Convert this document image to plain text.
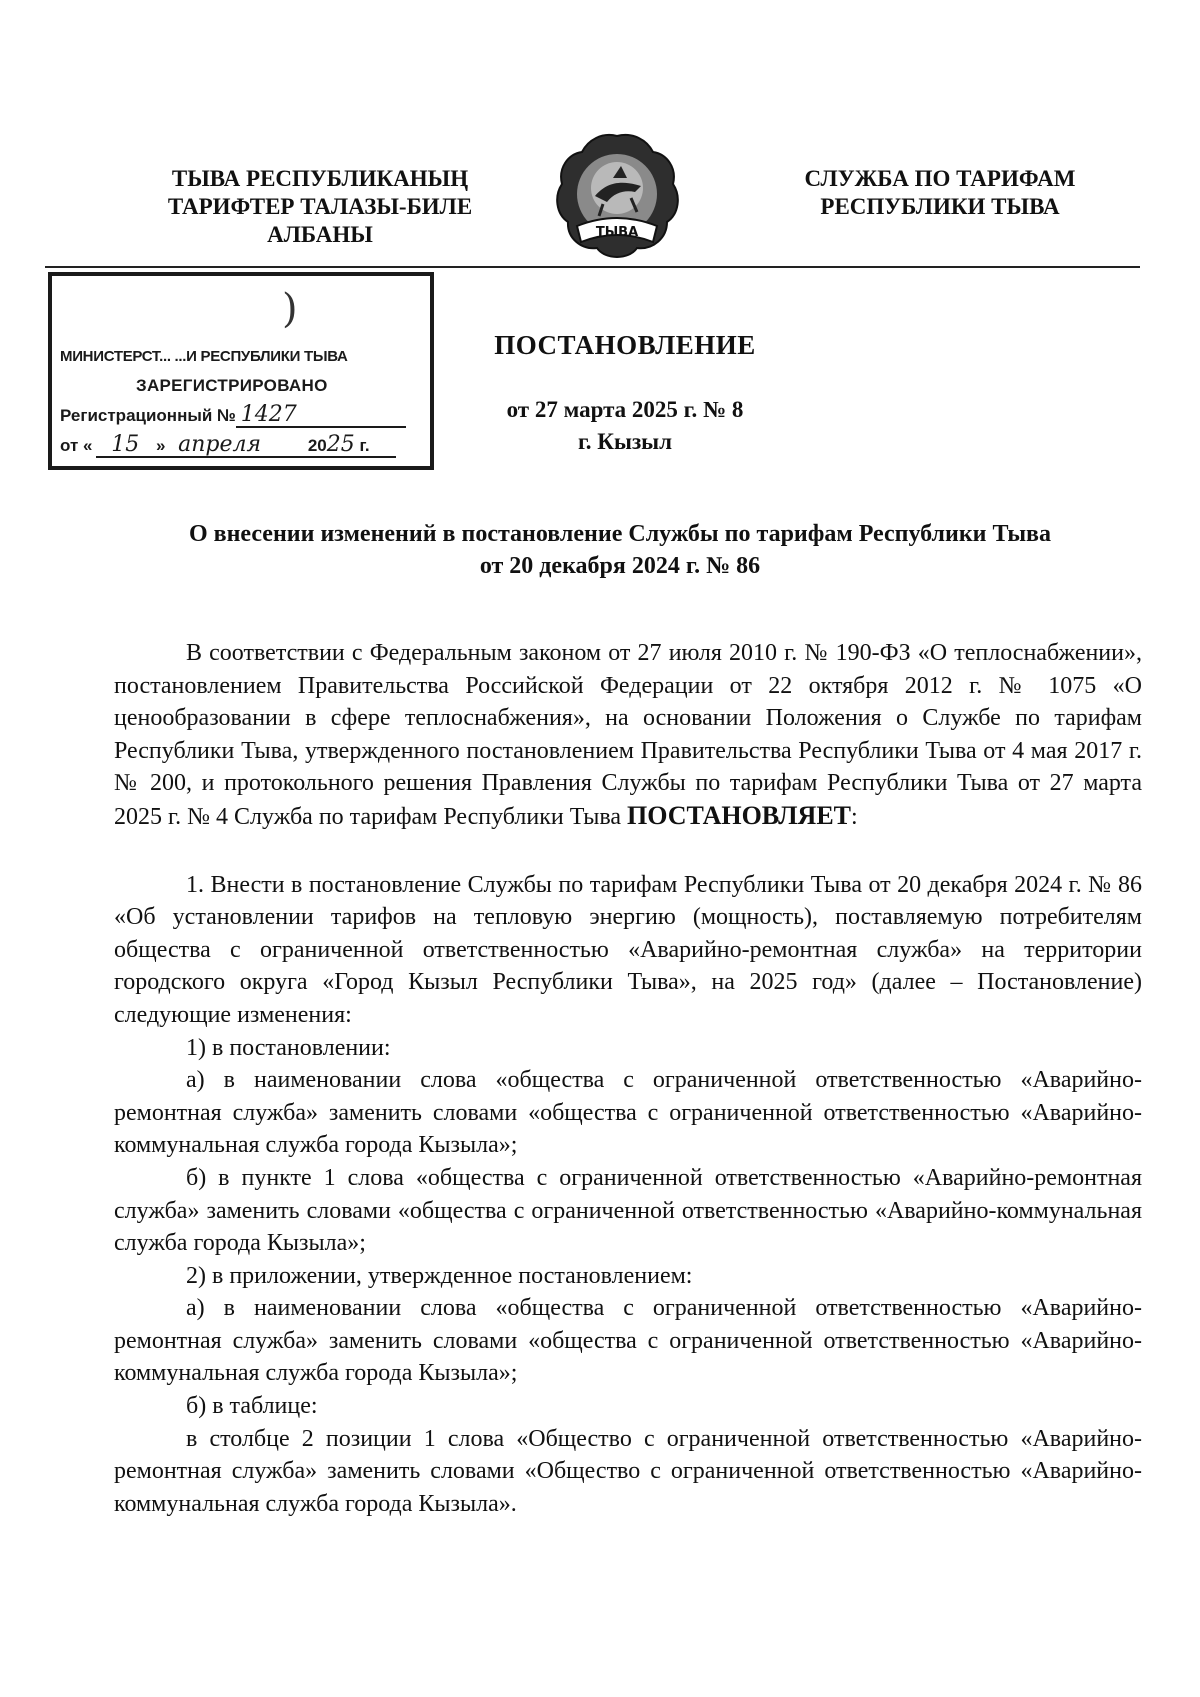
ТЫВА РЕСПУБЛИКАНЫҢ
ТАРИФТЕР ТАЛАЗЫ-БИЛЕ
АЛБАНЫ	ТЫВА
СЛУЖБА ПО ТАРИФАМ
РЕСПУБЛИКИ ТЫВА
)
МИНИСТЕРСТ... ...И РЕСПУБЛИКИ ТЫВА
ЗАРЕГИСТРИРОВАНО
Регистрационный № 1427
от « 15 » апреля	2025 г.
ПОСТАНОВЛЕНИЕ
от 27 марта 2025 г. № 8
г. Кызыл
О внесении изменений в постановление Службы по тарифам Республики Тыва
от 20 декабря 2024 г. № 86

В соответствии с Федеральным законом от 27 июля 2010 г. № 190-ФЗ «О теплоснабжении», постановлением Правительства Российской Федерации от 22 октября 2012 г. № 1075 «О ценообразовании в сфере теплоснабжения», на основании Положения о Службе по тарифам Республики Тыва, утвержденного постановлением Правительства Республики Тыва от 4 мая 2017 г. № 200, и протокольного решения Правления Службы по тарифам Республики Тыва от 27 марта 2025 г. № 4 Служба по тарифам Республики Тыва ПОСТАНОВЛЯЕТ:

1. Внести в постановление Службы по тарифам Республики Тыва от 20 декабря 2024 г. № 86 «Об установлении тарифов на тепловую энергию (мощность), поставляемую потребителям общества с ограниченной ответственностью «Аварийно-ремонтная служба» на территории городского округа «Город Кызыл Республики Тыва», на 2025 год» (далее – Постановление) следующие изменения:

1) в постановлении:

а) в наименовании слова «общества с ограниченной ответственностью «Аварийно-ремонтная служба» заменить словами «общества с ограниченной ответственностью «Аварийно-коммунальная служба города Кызыла»;

б) в пункте 1 слова «общества с ограниченной ответственностью «Аварийно-ремонтная служба» заменить словами «общества с ограниченной ответственностью «Аварийно-коммунальная служба города Кызыла»;

2) в приложении, утвержденное постановлением:

а) в наименовании слова «общества с ограниченной ответственностью «Аварийно-ремонтная служба» заменить словами «общества с ограниченной ответственностью «Аварийно-коммунальная служба города Кызыла»;

б) в таблице:

в столбце 2 позиции 1 слова «Общество с ограниченной ответственностью «Аварийно-ремонтная служба» заменить словами «Общество с ограниченной ответственностью «Аварийно-коммунальная служба города Кызыла».
